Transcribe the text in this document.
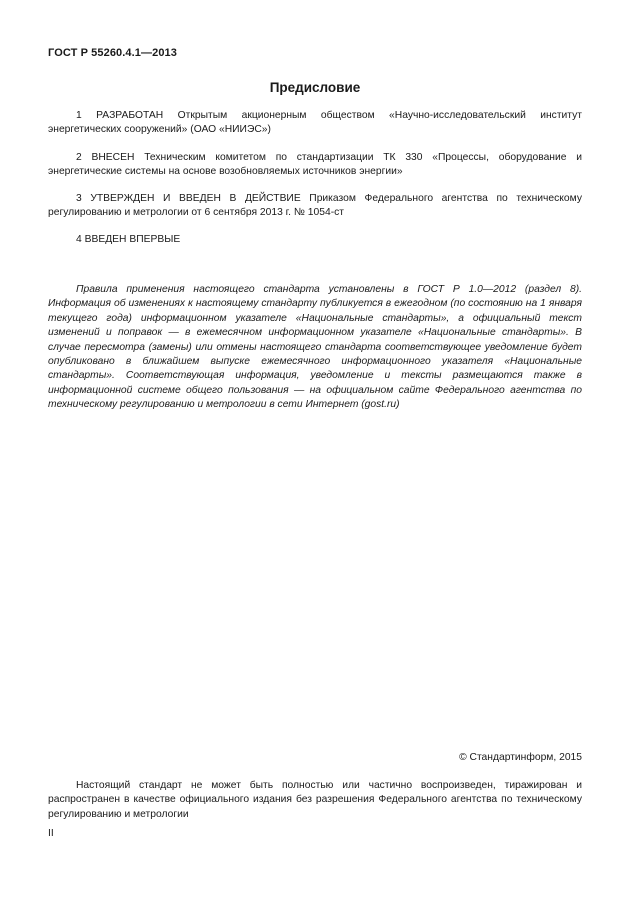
ГОСТ Р 55260.4.1—2013
Предисловие
1 РАЗРАБОТАН Открытым акционерным обществом «Научно-исследовательский институт энергетических сооружений» (ОАО «НИИЭС»)
2 ВНЕСЕН Техническим комитетом по стандартизации ТК 330 «Процессы, оборудование и энергетические системы на основе возобновляемых источников энергии»
3 УТВЕРЖДЕН И ВВЕДЕН В ДЕЙСТВИЕ Приказом Федерального агентства по техническому регулированию и метрологии от 6 сентября 2013 г. № 1054-ст
4 ВВЕДЕН ВПЕРВЫЕ
Правила применения настоящего стандарта установлены в ГОСТ Р 1.0—2012 (раздел 8). Информация об изменениях к настоящему стандарту публикуется в ежегодном (по состоянию на 1 января текущего года) информационном указателе «Национальные стандарты», а официальный текст изменений и поправок — в ежемесячном информационном указателе «Национальные стандарты». В случае пересмотра (замены) или отмены настоящего стандарта соответствующее уведомление будет опубликовано в ближайшем выпуске ежемесячного информационного указателя «Национальные стандарты». Соответствующая информация, уведомление и тексты размещаются также в информационной системе общего пользования — на официальном сайте Федерального агентства по техническому регулированию и метрологии в сети Интернет (gost.ru)
© Стандартинформ, 2015
Настоящий стандарт не может быть полностью или частично воспроизведен, тиражирован и распространен в качестве официального издания без разрешения Федерального агентства по техническому регулированию и метрологии
II
